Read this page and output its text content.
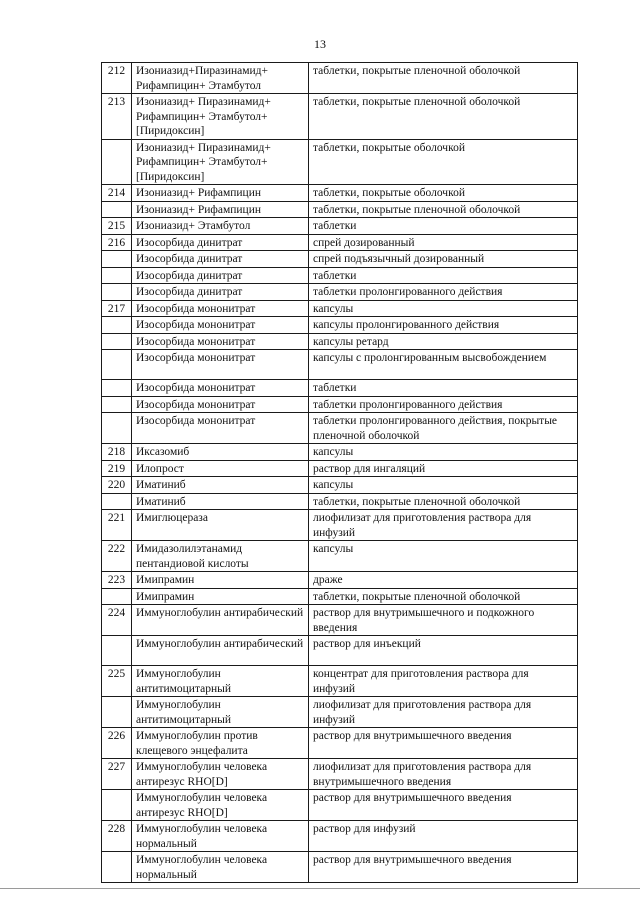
13
212	Изониазид+Пиразинамид+ Рифампицин+ Этамбутол	таблетки, покрытые пленочной оболочкой
213	Изониазид+ Пиразинамид+ Рифампицин+ Этамбутол+ [Пиридоксин]	таблетки, покрытые пленочной оболочкой
	Изониазид+ Пиразинамид+ Рифампицин+ Этамбутол+ [Пиридоксин]	таблетки, покрытые оболочкой
214	Изониазид+ Рифампицин	таблетки, покрытые оболочкой
	Изониазид+ Рифампицин	таблетки, покрытые пленочной оболочкой
215	Изониазид+ Этамбутол	таблетки
216	Изосорбида динитрат	спрей дозированный
	Изосорбида динитрат	спрей подъязычный дозированный
	Изосорбида динитрат	таблетки
	Изосорбида динитрат	таблетки пролонгированного действия
217	Изосорбида мононитрат	капсулы
	Изосорбида мононитрат	капсулы пролонгированного действия
	Изосорбида мононитрат	капсулы ретард
	Изосорбида мононитрат	капсулы с пролонгированным высвобождением
	Изосорбида мононитрат	таблетки
	Изосорбида мононитрат	таблетки пролонгированного действия
	Изосорбида мононитрат	таблетки пролонгированного действия, покрытые пленочной оболочкой
218	Иксазомиб	капсулы
219	Илопрост	раствор для ингаляций
220	Иматиниб	капсулы
	Иматиниб	таблетки, покрытые пленочной оболочкой
221	Имиглюцераза	лиофилизат для приготовления раствора для инфузий
222	Имидазолилэтанамид пентандиовой кислоты	капсулы
223	Имипрамин	драже
	Имипрамин	таблетки, покрытые пленочной оболочкой
224	Иммуноглобулин антирабический	раствор для внутримышечного и подкожного введения
	Иммуноглобулин антирабический	раствор для инъекций
225	Иммуноглобулин антитимоцитарный	концентрат для приготовления раствора для инфузий
	Иммуноглобулин антитимоцитарный	лиофилизат для приготовления раствора для инфузий
226	Иммуноглобулин против клещевого энцефалита	раствор для внутримышечного введения
227	Иммуноглобулин человека антирезус RHO[D]	лиофилизат для приготовления раствора для внутримышечного введения
	Иммуноглобулин человека антирезус RHO[D]	раствор для внутримышечного введения
228	Иммуноглобулин человека нормальный	раствор для инфузий
	Иммуноглобулин человека нормальный	раствор для внутримышечного введения
